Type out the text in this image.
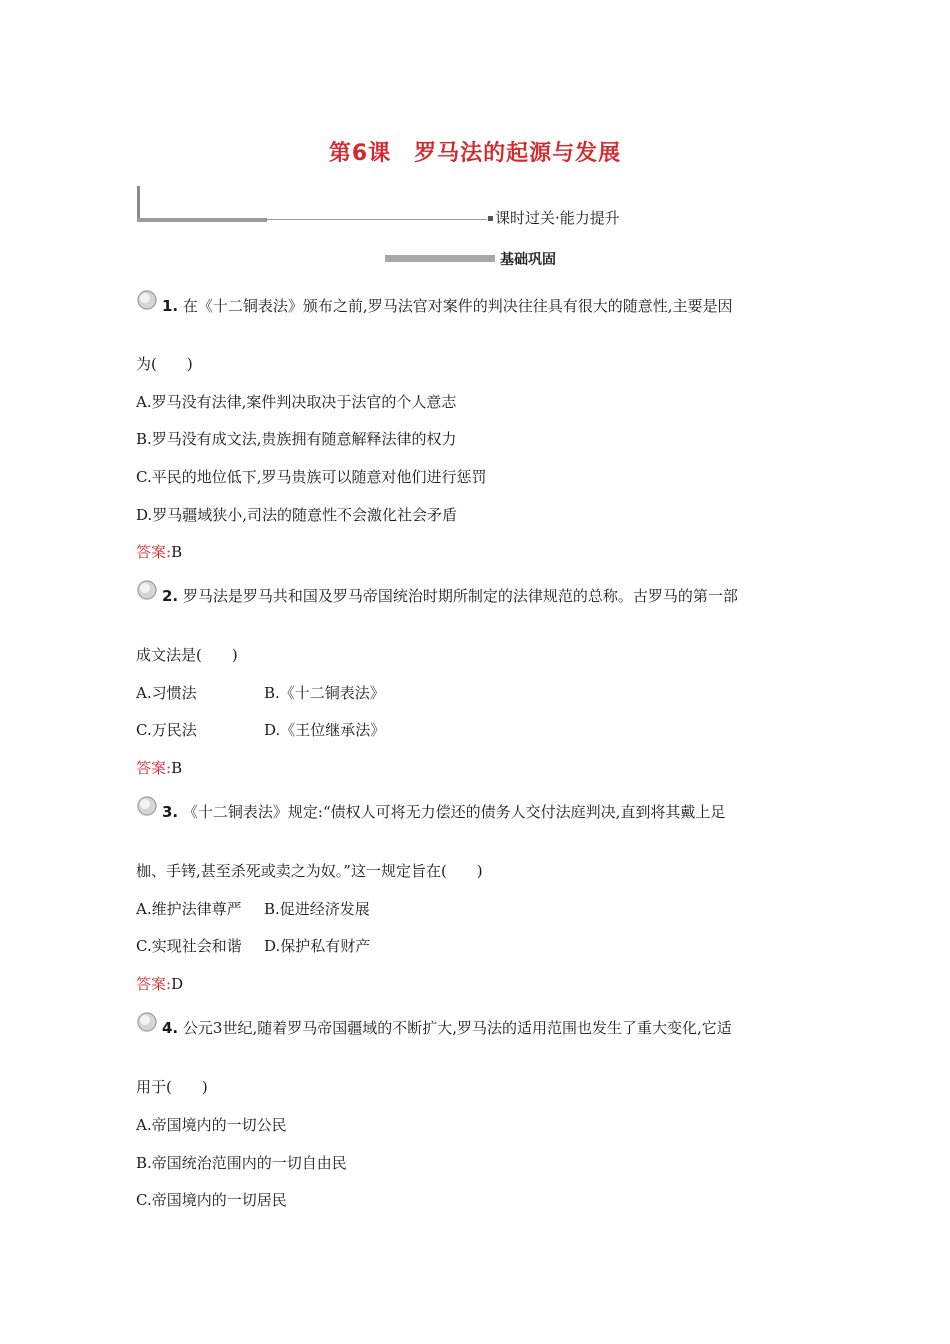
第6课　罗马法的起源与发展
课时过关·能力提升
基础巩固
1. 在《十二铜表法》颁布之前,罗马法官对案件的判决往往具有很大的随意性,主要是因
为(　　)
A.罗马没有法律,案件判决取决于法官的个人意志
B.罗马没有成文法,贵族拥有随意解释法律的权力
C.平民的地位低下,罗马贵族可以随意对他们进行惩罚
D.罗马疆域狭小,司法的随意性不会激化社会矛盾
答案:B
2. 罗马法是罗马共和国及罗马帝国统治时期所制定的法律规范的总称。古罗马的第一部
成文法是(　　)
A.习惯法	B.《十二铜表法》
C.万民法	D.《王位继承法》
答案:B
3. 《十二铜表法》规定:“债权人可将无力偿还的债务人交付法庭判决,直到将其戴上足
枷、手铐,甚至杀死或卖之为奴。”这一规定旨在(　　)
A.维护法律尊严 B.促进经济发展
C.实现社会和谐 D.保护私有财产
答案:D
4. 公元3世纪,随着罗马帝国疆域的不断扩大,罗马法的适用范围也发生了重大变化,它适
用于(　　)
A.帝国境内的一切公民
B.帝国统治范围内的一切自由民
C.帝国境内的一切居民
